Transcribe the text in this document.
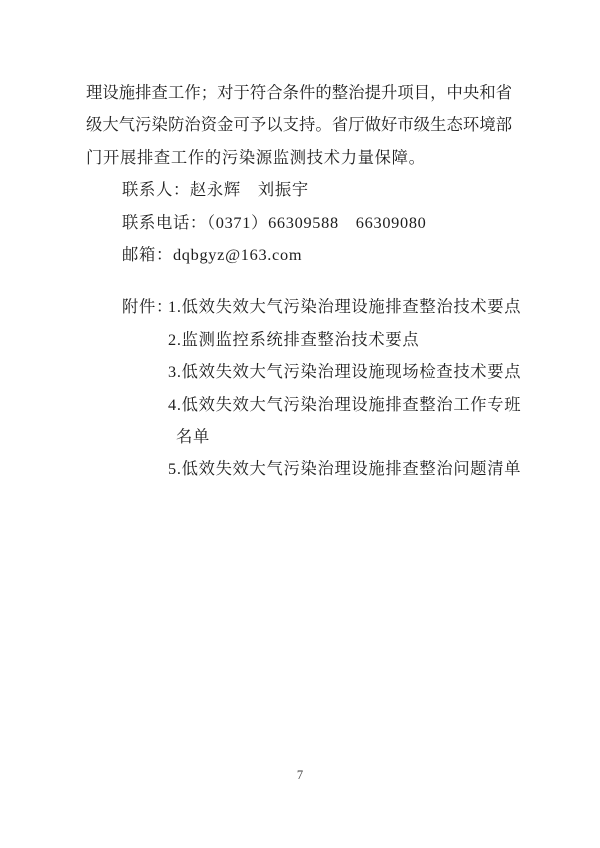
理设施排查工作；对于符合条件的整治提升项目，中央和省
级大气污染防治资金可予以支持。省厅做好市级生态环境部
门开展排查工作的污染源监测技术力量保障。
联系人：赵永辉　刘振宇
联系电话：（0371）66309588　66309080
邮箱：dqbgyz@163.com
附件：
1.低效失效大气污染治理设施排查整治技术要点
2.监测监控系统排查整治技术要点
3.低效失效大气污染治理设施现场检查技术要点
4.低效失效大气污染治理设施排查整治工作专班
名单
5.低效失效大气污染治理设施排查整治问题清单
7
